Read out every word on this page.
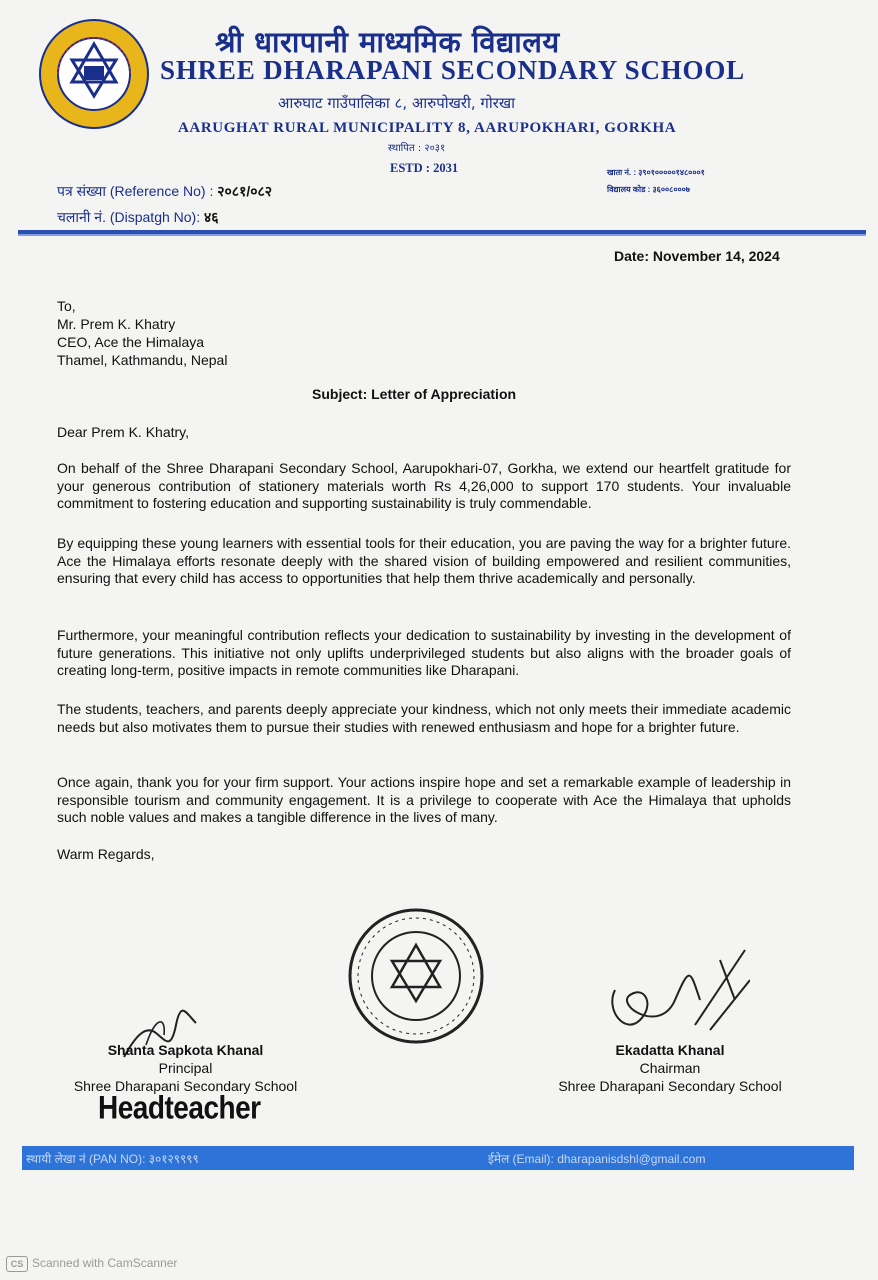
श्री धारापानी माध्यमिक विद्यालय
SHREE DHARAPANI SECONDARY SCHOOL
आरुघाट गाउँपालिका ८, आरुपोखरी, गोरखा
AARUGHAT RURAL MUNICIPALITY 8, AARUPOKHARI, GORKHA
स्थापित : २०३१
ESTD : 2031	खाता नं. : ३९०१०००००१४८०००१
विद्यालय कोड : ३६००८०००७
पत्र संख्या (Reference No) : २०८१/०८२
चलानी नं. (Dispatgh No): ४६
Date: November 14, 2024
To,
Mr. Prem K. Khatry
CEO, Ace the Himalaya
Thamel, Kathmandu, Nepal
Subject: Letter of Appreciation
Dear Prem K. Khatry,

On behalf of the Shree Dharapani Secondary School, Aarupokhari-07, Gorkha, we extend our heartfelt gratitude for your generous contribution of stationery materials worth Rs 4,26,000 to support 170 students. Your invaluable commitment to fostering education and supporting sustainability is truly commendable.

By equipping these young learners with essential tools for their education, you are paving the way for a brighter future. Ace the Himalaya efforts resonate deeply with the shared vision of building empowered and resilient communities, ensuring that every child has access to opportunities that help them thrive academically and personally.

Furthermore, your meaningful contribution reflects your dedication to sustainability by investing in the development of future generations. This initiative not only uplifts underprivileged students but also aligns with the broader goals of creating long-term, positive impacts in remote communities like Dharapani.

The students, teachers, and parents deeply appreciate your kindness, which not only meets their immediate academic needs but also motivates them to pursue their studies with renewed enthusiasm and hope for a brighter future.

Once again, thank you for your firm support. Your actions inspire hope and set a remarkable example of leadership in responsible tourism and community engagement. It is a privilege to cooperate with Ace the Himalaya that upholds such noble values and makes a tangible difference in the lives of many.

Warm Regards,
Shanta Sapkota Khanal
Principal
Shree Dharapani Secondary School
Headteacher
Ekadatta Khanal
Chairman
Shree Dharapani Secondary School
स्थायी लेखा नं (PAN NO): ३०१२९९९९	ईमेल (Email): dharapanisdshl@gmail.com
CS Scanned with CamScanner
